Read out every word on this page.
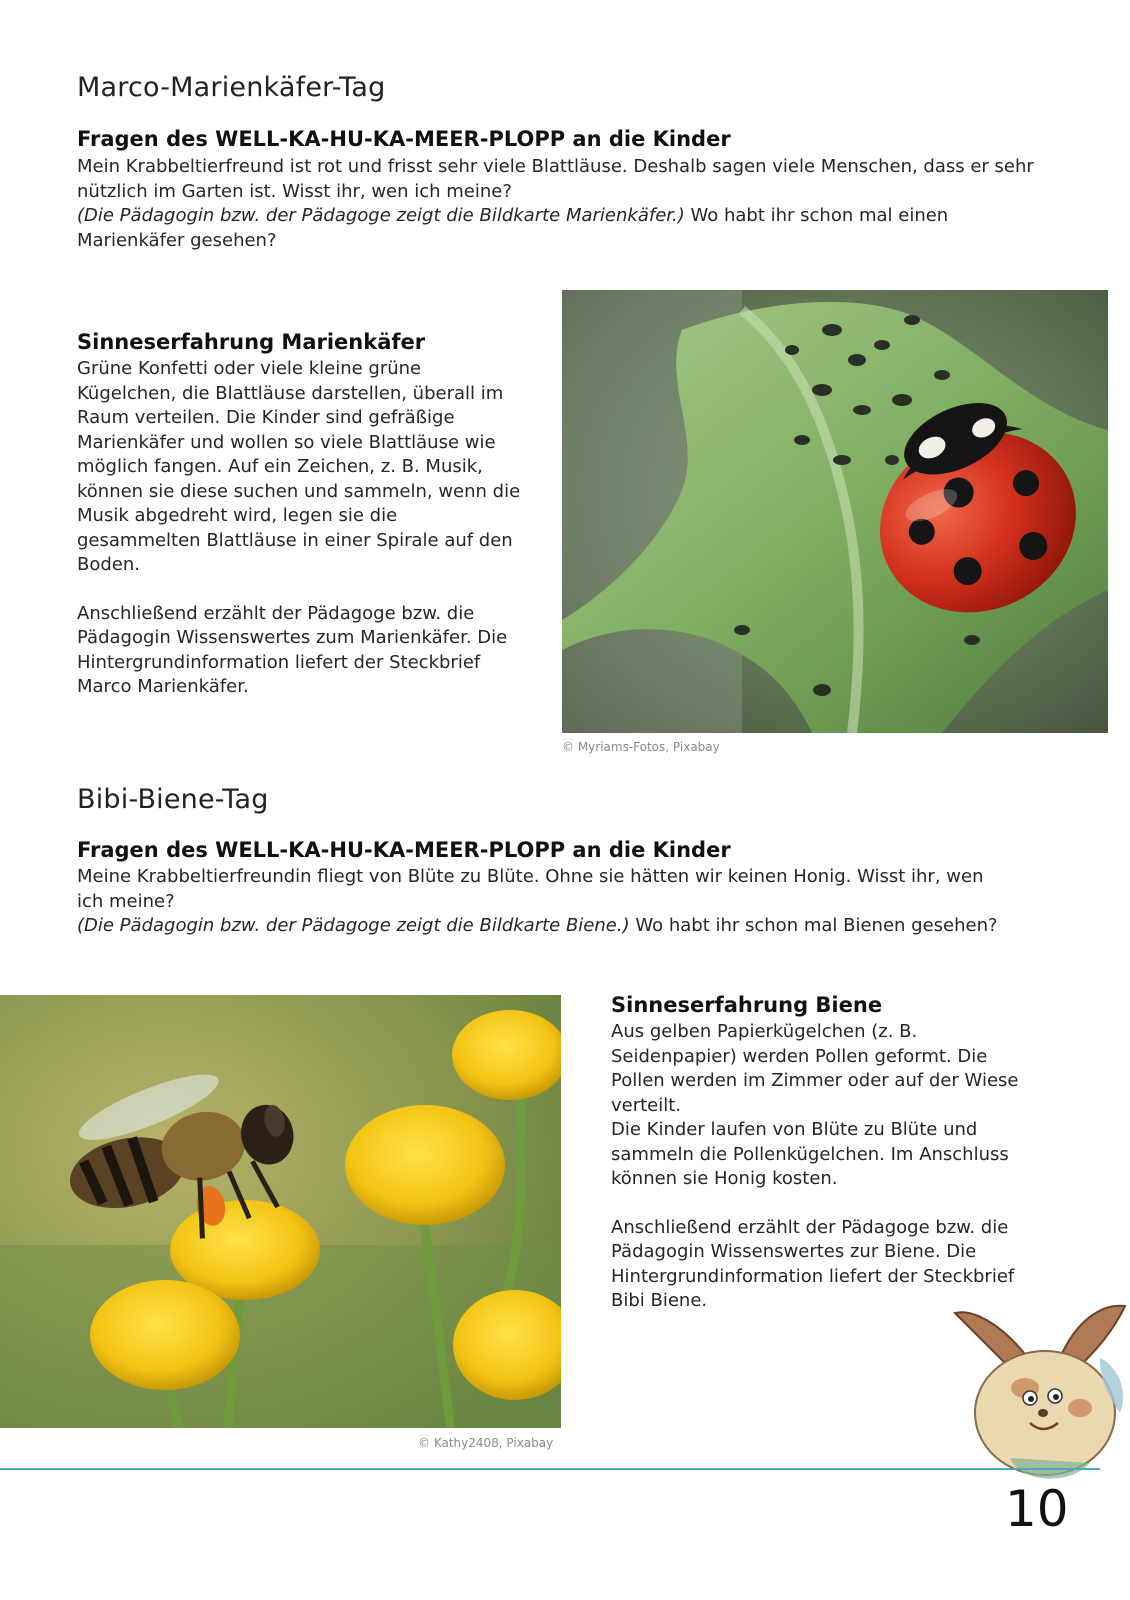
Marco-Marienkäfer-Tag
Fragen des WELL-KA-HU-KA-MEER-PLOPP an die Kinder

Mein Krabbeltierfreund ist rot und frisst sehr viele Blattläuse. Deshalb sagen viele Menschen, dass er sehr nützlich im Garten ist. Wisst ihr, wen ich meine?

(Die Pädagogin bzw. der Pädagoge zeigt die Bildkarte Marienkäfer.) Wo habt ihr schon mal einen Marienkäfer gesehen?

Sinneserfahrung Marienkäfer

Grüne Konfetti oder viele kleine grüne Kügelchen, die Blattläuse darstellen, überall im Raum verteilen. Die Kinder sind gefräßige Marienkäfer und wollen so viele Blattläuse wie möglich fangen. Auf ein Zeichen, z. B. Musik, können sie diese suchen und sammeln, wenn die Musik abgedreht wird, legen sie die gesammelten Blattläuse in einer Spirale auf den Boden.

Anschließend erzählt der Pädagoge bzw. die Pädagogin Wissenswertes zum Marienkäfer. Die Hintergrundinformation liefert der Steckbrief Marco Marienkäfer.

© Myriams-Fotos, Pixabay
Bibi-Biene-Tag
Fragen des WELL-KA-HU-KA-MEER-PLOPP an die Kinder

Meine Krabbeltierfreundin fliegt von Blüte zu Blüte. Ohne sie hätten wir keinen Honig. Wisst ihr, wen ich meine?

(Die Pädagogin bzw. der Pädagoge zeigt die Bildkarte Biene.) Wo habt ihr schon mal Bienen gesehen?

© Kathy2408, Pixabay
Sinneserfahrung Biene

Aus gelben Papierkügelchen (z. B. Seidenpapier) werden Pollen geformt. Die Pollen werden im Zimmer oder auf der Wiese verteilt.

Die Kinder laufen von Blüte zu Blüte und sammeln die Pollenkügelchen. Im Anschluss können sie Honig kosten.

Anschließend erzählt der Pädagoge bzw. die Pädagogin Wissenswertes zur Biene. Die Hintergrundinformation liefert der Steckbrief Bibi Biene.

10
